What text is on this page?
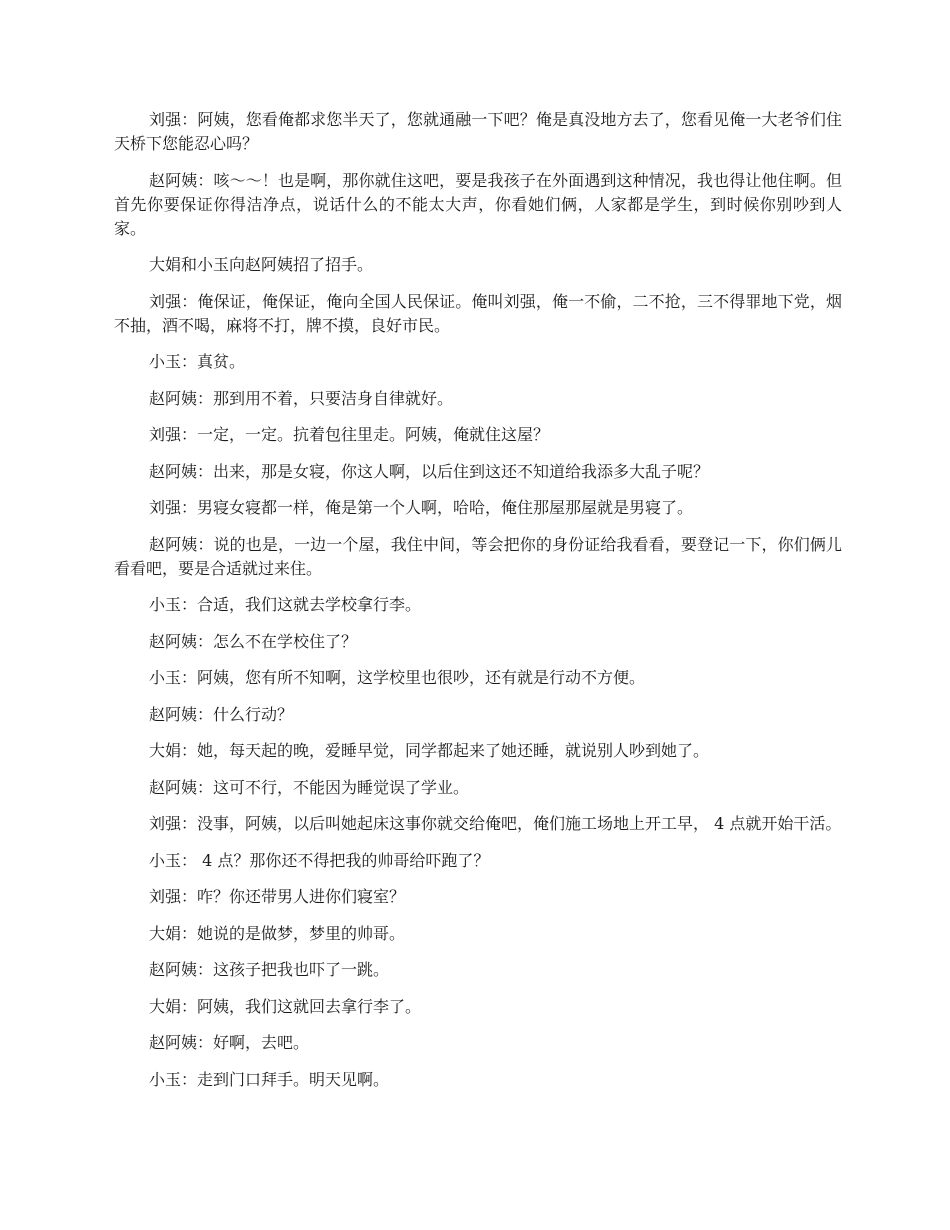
刘强：阿姨，您看俺都求您半天了，您就通融一下吧？俺是真没地方去了，您看见俺一大老爷们住天桥下您能忍心吗？

赵阿姨：咳～～！也是啊，那你就住这吧，要是我孩子在外面遇到这种情况，我也得让他住啊。但首先你要保证你得洁净点，说话什么的不能太大声，你看她们俩，人家都是学生，到时候你别吵到人家。

大娟和小玉向赵阿姨招了招手。

刘强：俺保证，俺保证，俺向全国人民保证。俺叫刘强，俺一不偷，二不抢，三不得罪地下党，烟不抽，酒不喝，麻将不打，牌不摸，良好市民。

小玉：真贫。

赵阿姨：那到用不着，只要洁身自律就好。

刘强：一定，一定。抗着包往里走。阿姨，俺就住这屋？

赵阿姨：出来，那是女寝，你这人啊，以后住到这还不知道给我添多大乱子呢？

刘强：男寝女寝都一样，俺是第一个人啊，哈哈，俺住那屋那屋就是男寝了。

赵阿姨：说的也是，一边一个屋，我住中间，等会把你的身份证给我看看，要登记一下，你们俩儿看看吧，要是合适就过来住。

小玉：合适，我们这就去学校拿行李。

赵阿姨：怎么不在学校住了？

小玉：阿姨，您有所不知啊，这学校里也很吵，还有就是行动不方便。

赵阿姨：什么行动？

大娟：她，每天起的晚，爱睡早觉，同学都起来了她还睡，就说别人吵到她了。

赵阿姨：这可不行，不能因为睡觉误了学业。

刘强：没事，阿姨，以后叫她起床这事你就交给俺吧，俺们施工场地上开工早， 4 点就开始干活。

小玉： 4 点？那你还不得把我的帅哥给吓跑了？

刘强：咋？你还带男人进你们寝室？

大娟：她说的是做梦，梦里的帅哥。

赵阿姨：这孩子把我也吓了一跳。

大娟：阿姨，我们这就回去拿行李了。

赵阿姨：好啊，去吧。

小玉：走到门口拜手。明天见啊。
